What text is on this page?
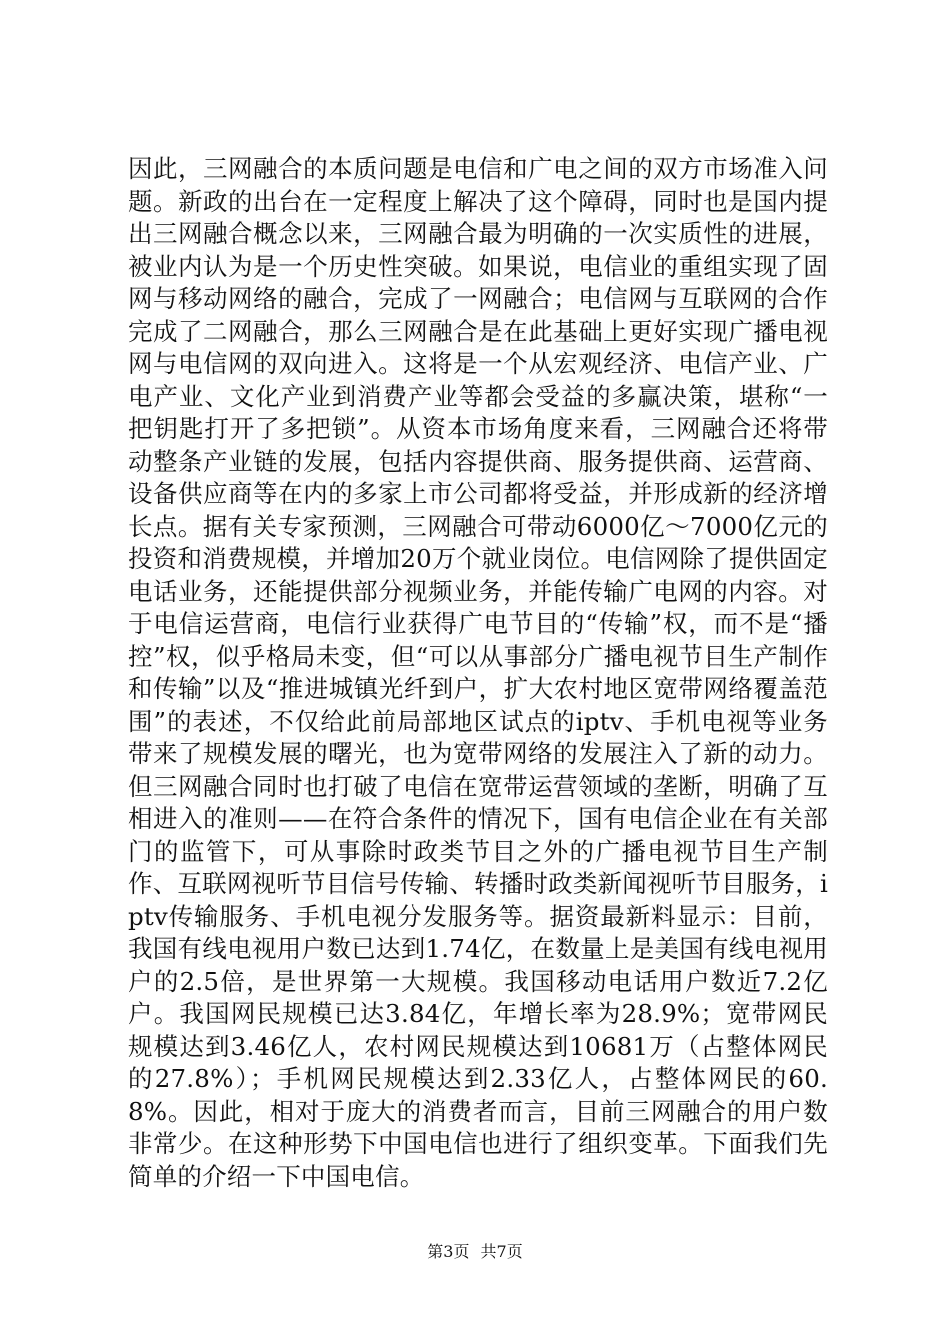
因此，三网融合的本质问题是电信和广电之间的双方市场准入问题。新政的出台在一定程度上解决了这个障碍，同时也是国内提出三网融合概念以来，三网融合最为明确的一次实质性的进展，被业内认为是一个历史性突破。如果说，电信业的重组实现了固网与移动网络的融合，完成了一网融合；电信网与互联网的合作完成了二网融合，那么三网融合是在此基础上更好实现广播电视网与电信网的双向进入。这将是一个从宏观经济、电信产业、广电产业、文化产业到消费产业等都会受益的多赢决策，堪称“一把钥匙打开了多把锁”。从资本市场角度来看，三网融合还将带动整条产业链的发展，包括内容提供商、服务提供商、运营商、设备供应商等在内的多家上市公司都将受益，并形成新的经济增长点。据有关专家预测，三网融合可带动6000亿～7000亿元的投资和消费规模，并增加20万个就业岗位。电信网除了提供固定电话业务，还能提供部分视频业务，并能传输广电网的内容。对于电信运营商，电信行业获得广电节目的“传输”权，而不是“播控”权，似乎格局未变，但“可以从事部分广播电视节目生产制作和传输”以及“推进城镇光纤到户，扩大农村地区宽带网络覆盖范围”的表述，不仅给此前局部地区试点的iptv、手机电视等业务带来了规模发展的曙光，也为宽带网络的发展注入了新的动力。但三网融合同时也打破了电信在宽带运营领域的垄断，明确了互相进入的准则——在符合条件的情况下，国有电信企业在有关部门的监管下，可从事除时政类节目之外的广播电视节目生产制作、互联网视听节目信号传输、转播时政类新闻视听节目服务，iptv传输服务、手机电视分发服务等。据资最新料显示：目前，我国有线电视用户数已达到1.74亿，在数量上是美国有线电视用户的2.5倍，是世界第一大规模。我国移动电话用户数近7.2亿户。我国网民规模已达3.84亿，年增长率为28.9%；宽带网民规模达到3.46亿人，农村网民规模达到10681万（占整体网民的27.8%）；手机网民规模达到2.33亿人，占整体网民的60.8%。因此，相对于庞大的消费者而言，目前三网融合的用户数非常少。在这种形势下中国电信也进行了组织变革。下面我们先简单的介绍一下中国电信。

第3页 共7页
